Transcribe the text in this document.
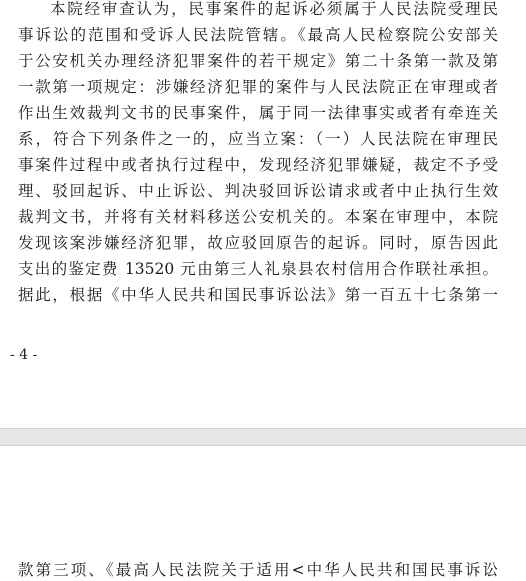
本院经审查认为，民事案件的起诉必须属于人民法院受理民
事诉讼的范围和受诉人民法院管辖。《最高人民检察院公安部关
于公安机关办理经济犯罪案件的若干规定》第二十条第一款及第
一款第一项规定：涉嫌经济犯罪的案件与人民法院正在审理或者
作出生效裁判文书的民事案件，属于同一法律事实或者有牵连关
系，符合下列条件之一的，应当立案：（一）人民法院在审理民
事案件过程中或者执行过程中，发现经济犯罪嫌疑，裁定不予受
理、驳回起诉、中止诉讼、判决驳回诉讼请求或者中止执行生效
裁判文书，并将有关材料移送公安机关的。本案在审理中，本院
发现该案涉嫌经济犯罪，故应驳回原告的起诉。同时，原告因此
支出的鉴定费 13520 元由第三人礼泉县农村信用合作联社承担。
据此，根据《中华人民共和国民事诉讼法》第一百五十七条第一
- 4 -
款第三项、《最高人民法院关于适用<中华人民共和国民事诉讼
